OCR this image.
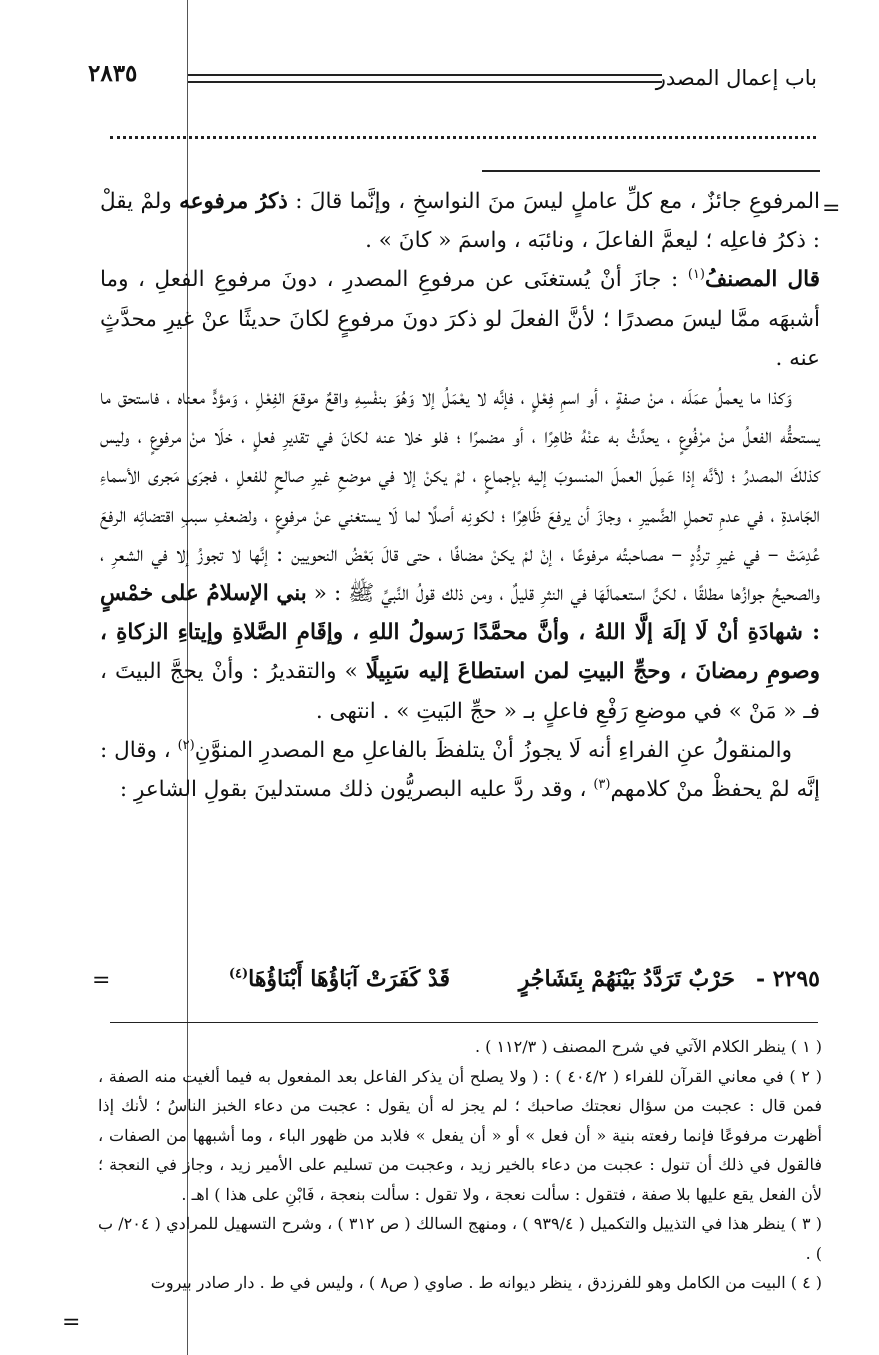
باب إعمال المصدر
٢٨٣٥
=

المرفوعِ جائزٌ ، مع كلِّ عاملٍ ليسَ منَ النواسخِ ، وإنَّما قالَ : ذكرُ مرفوعه ولمْ يقلْ : ذكرُ فاعلِه ؛ ليعمَّ الفاعلَ ، ونائبَه ، واسمَ « كانَ » .

قال المصنفُ$^{(١)}$ : جازَ أنْ يُستغنَى عن مرفوعِ المصدرِ ، دونَ مرفوعِ الفعلِ ، وما أشبهَه ممَّا ليسَ مصدرًا ؛ لأنَّ الفعلَ لو ذكرَ دونَ مرفوعٍ لكانَ حديثًا عنْ غيرِ محدَّثٍ عنه .

وَكذا ما يعملُ عمَلَه ، منْ صفةٍ ، أو اسمِ فِعْلٍ ، فإنَّه لا يعْمَلُ إلا وَهُوَ بنفْسِهِ واقعٌ موقعَ الفِعْلِ ، وَمؤدٍّ معناه ، فاستحق ما يستحقُّه الفعلُ منْ مرْفُوعٍ ، يحدَّثُ به عنْهُ ظاهِرًا ، أو مضمرًا ؛ فلو خلا عنه لكانَ في تقديرِ فعلٍ ، خلَا منْ مرفوعٍ ، وليس كذلكَ المصدرُ ؛ لأنَّه إذا عَمِلَ العملَ المنسوبَ إليه بإجماعٍ ، لمْ يكنْ إلا في موضعِ غيرِ صالحٍ للفعلِ ، فجرَى مَجرى الأسماءِ الجَامدةِ ، في عدمِ تحملِ الضَّميرِ ، وجازَ أن يرفعَ ظَاهِرًا ؛ لكونِه أصلًا لما لَا يستغني عنْ مرفوعٍ ، ولضعفِ سببِ اقتضائِه الرفعَ عُدِمَتْ – في غيرِ تردُّدٍ – مصاحبتُه مرفوعًا ، إنْ لمْ يكنْ مضافًا ، حتى قالَ بَعْضُ النحويين : إنَّها لا تجوزُ إلا في الشعرِ ، والصحيحُ جوازُها مطلقًا ، لكنَّ استعمالَهَا في النثرِ قليلٌ ، ومن ذلك قولُ النَّبيِّ ﷺ : « بني الإسلامُ على خمْسٍ : شهادَةِ أنْ لَا إلَهَ إلَّا اللهُ ، وأنَّ محمَّدًا رَسولُ اللهِ ، وإقَامِ الصَّلاةِ وإيتاءِ الزكاةِ ، وصومِ رمضانَ ، وحجِّ البيتِ لمن استطاعَ إليه سَبِيلًا » والتقديرُ : وأنْ يحجَّ البيتَ ، فـ « مَنْ » في موضعِ رَفْعِ فاعلٍ بـ « حجِّ البَيتِ » . انتهى .

والمنقولُ عنِ الفراءِ أنه لَا يجوزُ أنْ يتلفظَ بالفاعلِ مع المصدرِ المنوَّنِ$^{(٢)}$ ، وقال : إنَّه لمْ يحفظْ منْ كلامهم$^{(٣)}$ ، وقد ردَّ عليه البصريُّون ذلك مستدلينَ بقولِ الشاعرِ :

٢٢٩٥ -
حَرْبٌ تَرَدَّدُ بَيْنَهُمْ بِتَشَاجُرٍ
قَدْ كَفَرَتْ آبَاؤُهَا أَبْنَاؤُهَا$^{(٤)}$
=

( ١ ) ينظر الكلام الآتي في شرح المصنف ( ١١٢/٣ ) .

( ٢ ) في معاني القرآن للفراء ( ٤٠٤/٢ ) : ( ولا يصلح أن يذكر الفاعل بعد المفعول به فيما ألغيت منه الصفة ، فمن قال : عجبت من سؤال نعجتك صاحبك ؛ لم يجز له أن يقول : عجبت من دعاء الخبز الناسُ ؛ لأنك إذا أظهرت مرفوعًا فإنما رفعته بنية « أن فعل » أو « أن يفعل » فلابد من ظهور الباء ، وما أشبهها من الصفات ، فالقول في ذلك أن تنول : عجبت من دعاء بالخير زيد ، وعجبت من تسليم على الأمير زيد ، وجاز في النعجة ؛ لأن الفعل يقع عليها بلا صفة ، فتقول : سألت نعجة ، ولا تقول : سألت بنعجة ، فَابْنِ على هذا ) اهـ .

( ٣ ) ينظر هذا في التذييل والتكميل ( ٩٣٩/٤ ) ، ومنهج السالك ( ص ٣١٢ ) ، وشرح التسهيل للمرادي ( ٢٠٤/ ب ) .

( ٤ ) البيت من الكامل وهو للفرزدق ، ينظر ديوانه ط . صاوي ( ص٨ ) ، وليس في ط . دار صادر بيروت

=
